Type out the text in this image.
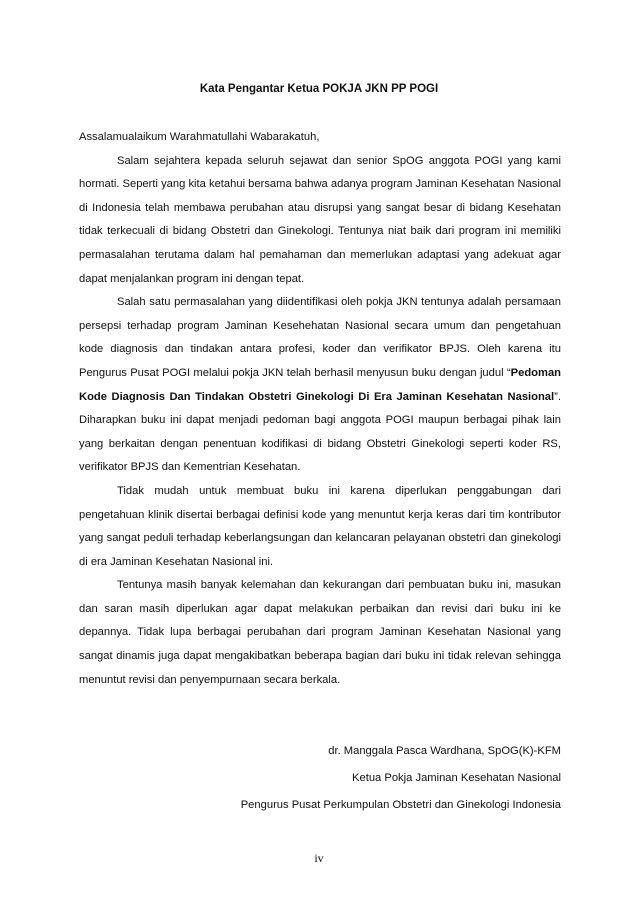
Kata Pengantar Ketua POKJA JKN PP POGI

Assalamualaikum Warahmatullahi Wabarakatuh,

Salam sejahtera kepada seluruh sejawat dan senior SpOG anggota POGI yang kami hormati. Seperti yang kita ketahui bersama bahwa adanya program Jaminan Kesehatan Nasional di Indonesia telah membawa perubahan atau disrupsi yang sangat besar di bidang Kesehatan tidak terkecuali di bidang Obstetri dan Ginekologi. Tentunya niat baik dari program ini memiliki permasalahan terutama dalam hal pemahaman dan memerlukan adaptasi yang adekuat agar dapat menjalankan program ini dengan tepat.

Salah satu permasalahan yang diidentifikasi oleh pokja JKN tentunya adalah persamaan persepsi terhadap program Jaminan Kesehehatan Nasional secara umum dan pengetahuan kode diagnosis dan tindakan antara profesi, koder dan verifikator BPJS. Oleh karena itu Pengurus Pusat POGI melalui pokja JKN telah berhasil menyusun buku dengan judul “Pedoman Kode Diagnosis Dan Tindakan Obstetri Ginekologi Di Era Jaminan Kesehatan Nasional”. Diharapkan buku ini dapat menjadi pedoman bagi anggota POGI maupun berbagai pihak lain yang berkaitan dengan penentuan kodifikasi di bidang Obstetri Ginekologi seperti koder RS, verifikator BPJS dan Kementrian Kesehatan.

Tidak mudah untuk membuat buku ini karena diperlukan penggabungan dari pengetahuan klinik disertai berbagai definisi kode yang menuntut kerja keras dari tim kontributor yang sangat peduli terhadap keberlangsungan dan kelancaran pelayanan obstetri dan ginekologi di era Jaminan Kesehatan Nasional ini.

Tentunya masih banyak kelemahan dan kekurangan dari pembuatan buku ini, masukan dan saran masih diperlukan agar dapat melakukan perbaikan dan revisi dari buku ini ke depannya. Tidak lupa berbagai perubahan dari program Jaminan Kesehatan Nasional yang sangat dinamis juga dapat mengakibatkan beberapa bagian dari buku ini tidak relevan sehingga menuntut revisi dan penyempurnaan secara berkala.

dr. Manggala Pasca Wardhana, SpOG(K)-KFM
Ketua Pokja Jaminan Kesehatan Nasional
Pengurus Pusat Perkumpulan Obstetri dan Ginekologi Indonesia
iv
